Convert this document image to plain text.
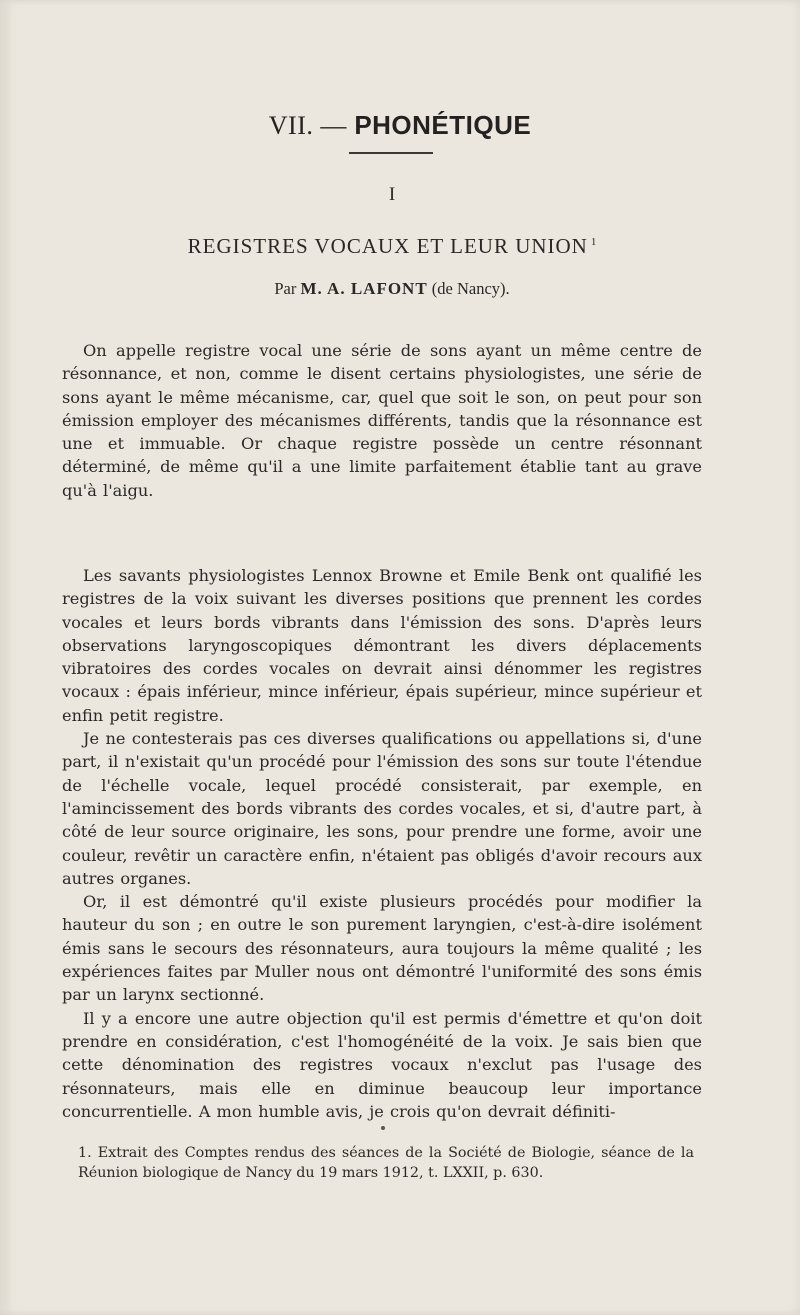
VII. — PHONÉTIQUE
I
REGISTRES VOCAUX ET LEUR UNION $^1$
Par M. A. LAFONT (de Nancy).

On appelle registre vocal une série de sons ayant un même centre de résonnance, et non, comme le disent certains physiologistes, une série de sons ayant le même mécanisme, car, quel que soit le son, on peut pour son émission employer des mécanismes différents, tandis que la résonnance est une et immuable. Or chaque registre possède un centre résonnant déterminé, de même qu'il a une limite parfaitement établie tant au grave qu'à l'aigu.

Les savants physiologistes Lennox Browne et Emile Benk ont qualifié les registres de la voix suivant les diverses positions que prennent les cordes vocales et leurs bords vibrants dans l'émission des sons. D'après leurs observations laryngoscopiques démontrant les divers déplacements vibratoires des cordes vocales on devrait ainsi dénommer les registres vocaux : épais inférieur, mince inférieur, épais supérieur, mince supérieur et enfin petit registre.

Je ne contesterais pas ces diverses qualifications ou appellations si, d'une part, il n'existait qu'un procédé pour l'émission des sons sur toute l'étendue de l'échelle vocale, lequel procédé consisterait, par exemple, en l'amincissement des bords vibrants des cordes vocales, et si, d'autre part, à côté de leur source originaire, les sons, pour prendre une forme, avoir une couleur, revêtir un caractère enfin, n'étaient pas obligés d'avoir recours aux autres organes.

Or, il est démontré qu'il existe plusieurs procédés pour modifier la hauteur du son ; en outre le son purement laryngien, c'est-à-dire isolément émis sans le secours des résonnateurs, aura toujours la même qualité ; les expériences faites par Muller nous ont démontré l'uniformité des sons émis par un larynx sectionné.

Il y a encore une autre objection qu'il est permis d'émettre et qu'on doit prendre en considération, c'est l'homogénéité de la voix. Je sais bien que cette dénomination des registres vocaux n'exclut pas l'usage des résonnateurs, mais elle en diminue beaucoup leur importance concurrentielle. A mon humble avis, je crois qu'on devrait définiti-

1. Extrait des Comptes rendus des séances de la Société de Biologie, séance de la Réunion biologique de Nancy du 19 mars 1912, t. LXXII, p. 630.
